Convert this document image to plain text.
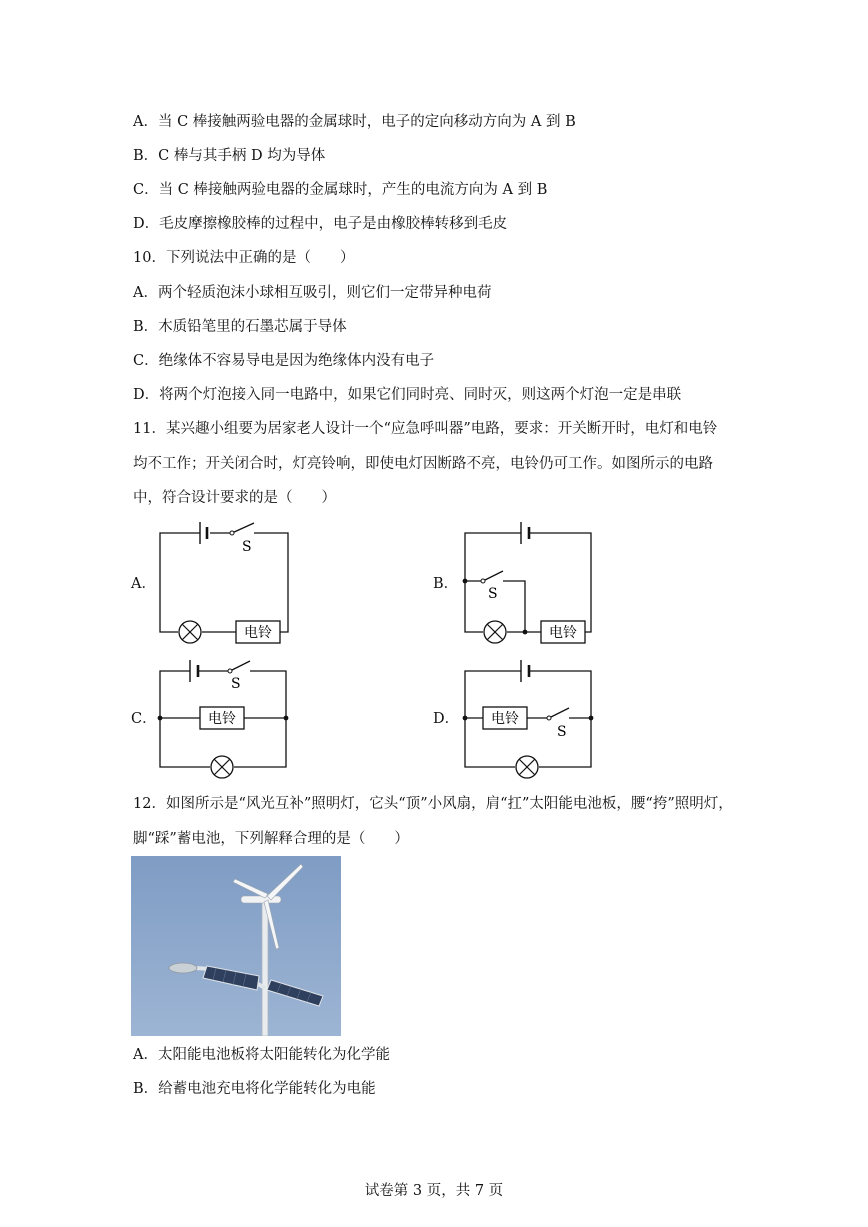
A．当 C 棒接触两验电器的金属球时，电子的定向移动方向为 A 到 B
B．C 棒与其手柄 D 均为导体
C．当 C 棒接触两验电器的金属球时，产生的电流方向为 A 到 B
D．毛皮摩擦橡胶棒的过程中，电子是由橡胶棒转移到毛皮
10．下列说法中正确的是（　　）
A．两个轻质泡沫小球相互吸引，则它们一定带异种电荷
B．木质铅笔里的石墨芯属于导体
C．绝缘体不容易导电是因为绝缘体内没有电子
D．将两个灯泡接入同一电路中，如果它们同时亮、同时灭，则这两个灯泡一定是串联
11．某兴趣小组要为居家老人设计一个“应急呼叫器”电路，要求：开关断开时，电灯和电铃
均不工作；开关闭合时，灯亮铃响，即使电灯因断路不亮，电铃仍可工作。如图所示的电路
中，符合设计要求的是（　　）
A．
电铃
S
B．
电铃
S
C．	电铃
S
D． 电铃
S
12．如图所示是“风光互补”照明灯，它头“顶”小风扇，肩“扛”太阳能电池板，腰“挎”照明灯，
脚“踩”蓄电池，下列解释合理的是（　　）
A．太阳能电池板将太阳能转化为化学能
B．给蓄电池充电将化学能转化为电能
试卷第 3 页，共 7 页
